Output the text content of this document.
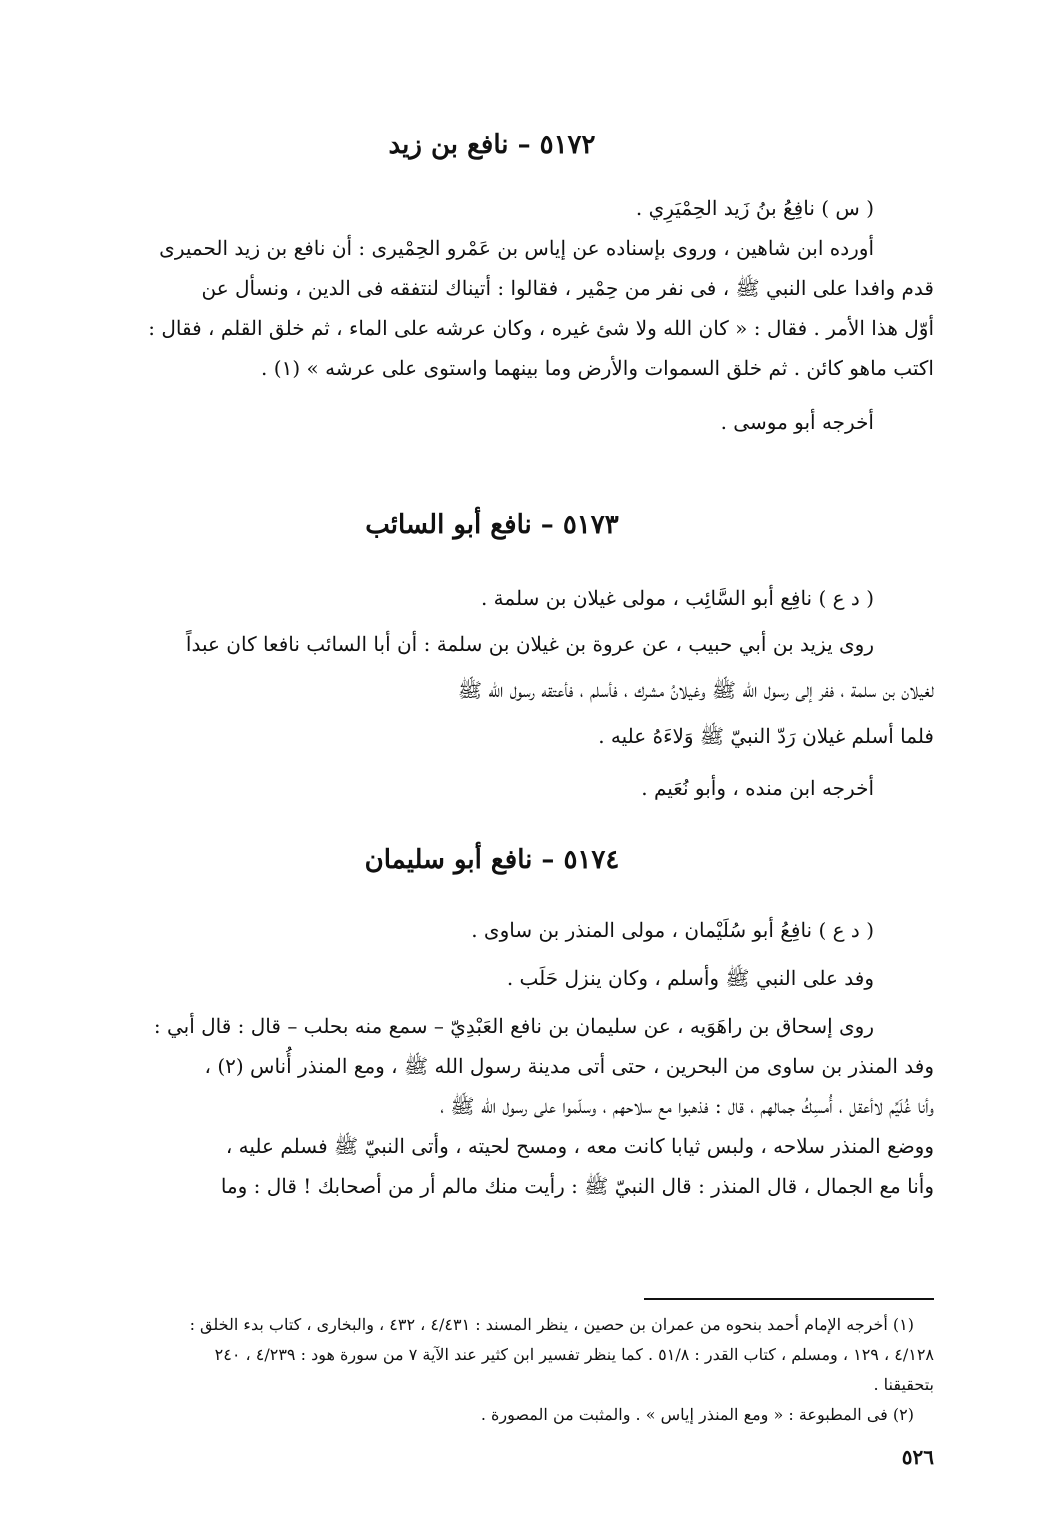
٥١٧٢ – نافع بن زيد

( س ) نافِعُ بنُ زَيد الحِمْيَرِي .

أورده ابن شاهين ، وروى بإسناده عن إياس بن عَمْرو الحِمْيرى : أن نافع بن زيد الحميرى

قدم وافدا على النبي ﷺ ، فى نفر من حِمْير ، فقالوا : أتيناك لنتفقه فى الدين ، ونسأل عن

أوّل هذا الأمر . فقال : « كان الله ولا شئ غيره ، وكان عرشه على الماء ، ثم خلق القلم ، فقال :

اكتب ماهو كائن . ثم خلق السموات والأرض وما بينهما واستوى على عرشه » (١) .

أخرجه أبو موسى .

٥١٧٣ – نافع أبو السائب

( د ع ) نافِع أبو السَّائِب ، مولى غيلان بن سلمة .

روى يزيد بن أبي حبيب ، عن عروة بن غيلان بن سلمة : أن أبا السائب نافعا كان عبداً

لغيلان بن سلمة ، ففر إلى رسول الله ﷺ وغيلانُ مشرك ، فأسلم ، فأعتقه رسول الله ﷺ

فلما أسلم غيلان رَدّ النبيّ ﷺ وَلاءَهُ عليه .

أخرجه ابن منده ، وأبو نُعَيم .

٥١٧٤ – نافع أبو سليمان

( د ع ) نافِعُ أبو سُلَيْمان ، مولى المنذر بن ساوى .

وفد على النبي ﷺ وأسلم ، وكان ينزل حَلَب .

روى إسحاق بن راهَوَيه ، عن سليمان بن نافع العَبْدِيّ – سمع منه بحلب – قال : قال أبي :

وفد المنذر بن ساوى من البحرين ، حتى أتى مدينة رسول الله ﷺ ، ومع المنذر أُناس (٢) ،

وأنا غُلَيِّم لاأعقل ، أُمسِكُ جمالهم ، قال : فذهبوا مع سلاحهم ، وسلّموا على رسول الله ﷺ ،

ووضع المنذر سلاحه ، ولبس ثيابا كانت معه ، ومسح لحيته ، وأتى النبيّ ﷺ فسلم عليه ،

وأنا مع الجمال ، قال المنذر : قال النبيّ ﷺ : رأيت منك مالم أر من أصحابك ! قال : وما

(١) أخرجه الإمام أحمد بنحوه من عمران بن حصين ، ينظر المسند : ٤/٤٣١ ، ٤٣٢ ، والبخارى ، كتاب بدء الخلق :

٤/١٢٨ ، ١٢٩ ، ومسلم ، كتاب القدر : ٥١/٨ . كما ينظر تفسير ابن كثير عند الآية ٧ من سورة هود : ٤/٢٣٩ ، ٢٤٠

بتحقيقنا .

(٢) فى المطبوعة : « ومع المنذر إياس » . والمثبت من المصورة .

٥٢٦
